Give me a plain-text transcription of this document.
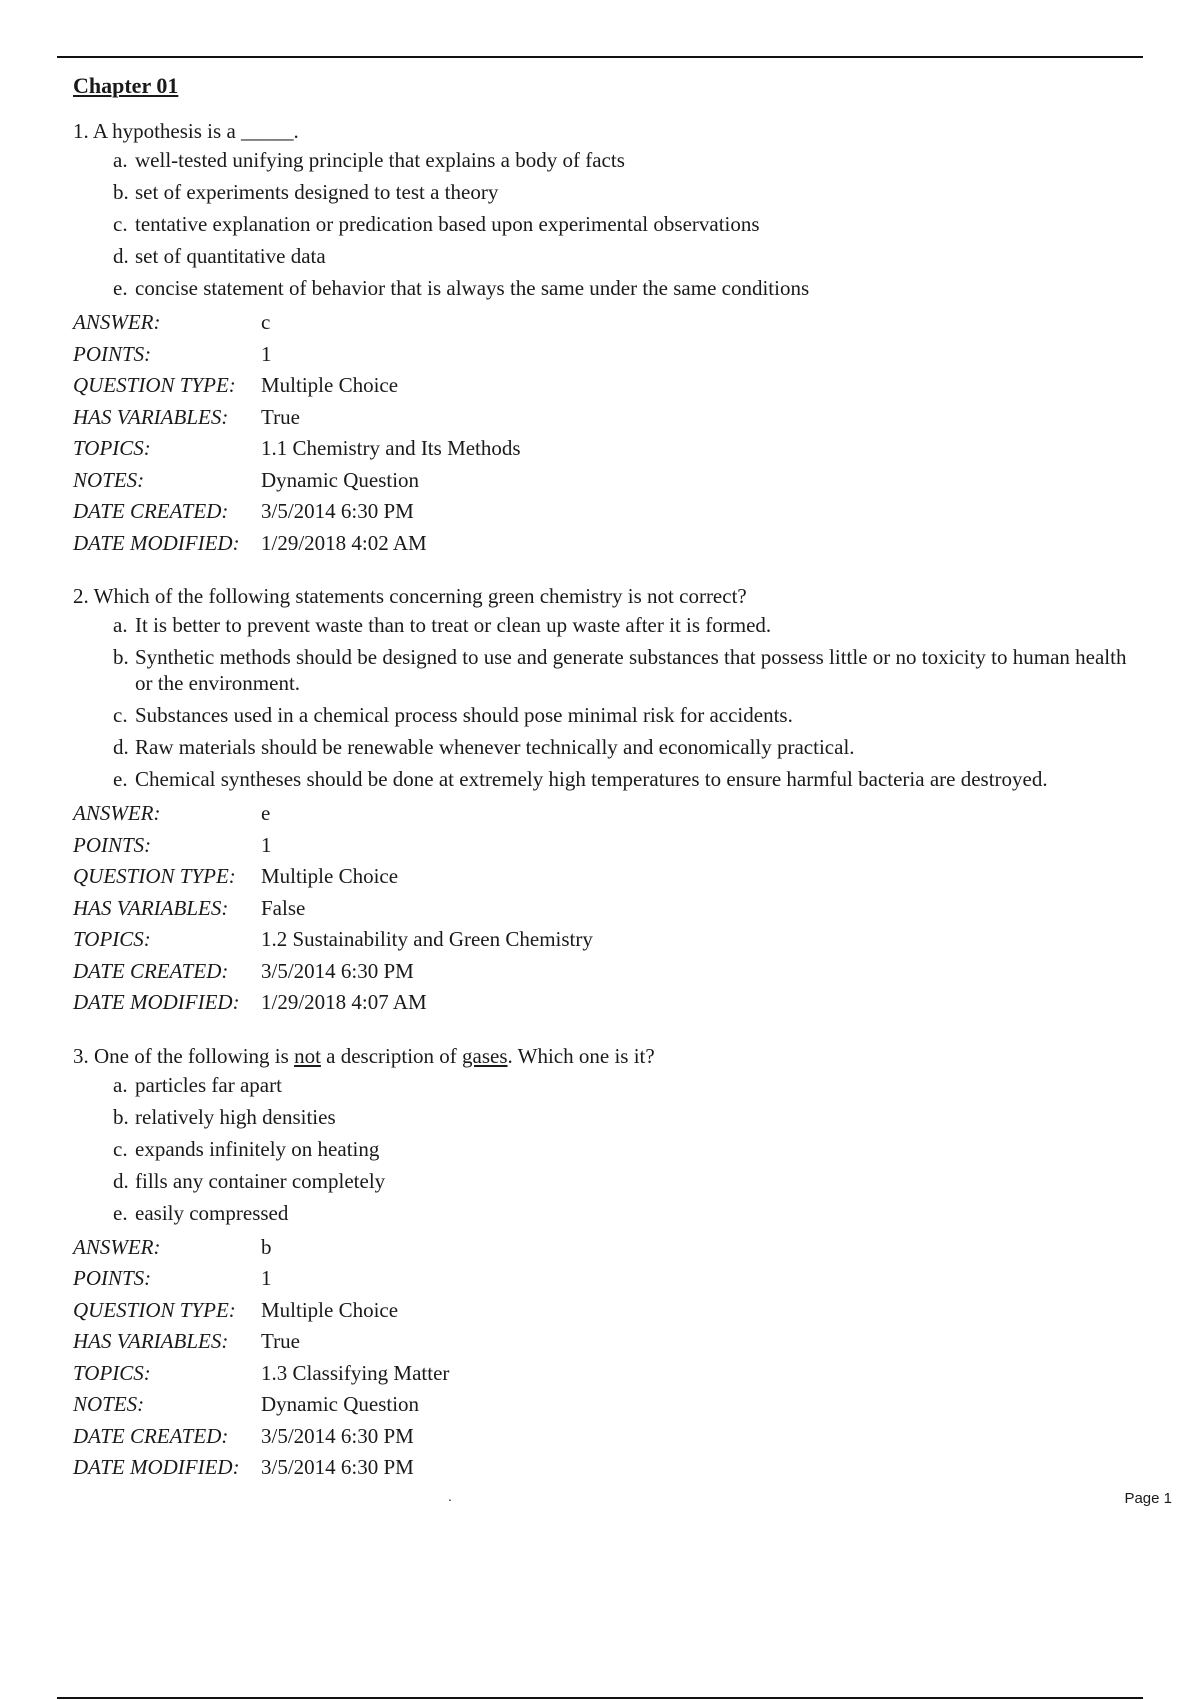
Chapter 01
1. A hypothesis is a _____.
a. well-tested unifying principle that explains a body of facts
b. set of experiments designed to test a theory
c. tentative explanation or predication based upon experimental observations
d. set of quantitative data
e. concise statement of behavior that is always the same under the same conditions
ANSWER:	c
POINTS:	1
QUESTION TYPE:	Multiple Choice
HAS VARIABLES:	True
TOPICS:	1.1 Chemistry and Its Methods
NOTES:	Dynamic Question
DATE CREATED:	3/5/2014 6:30 PM
DATE MODIFIED:	1/29/2018 4:02 AM
2. Which of the following statements concerning green chemistry is not correct?
a. It is better to prevent waste than to treat or clean up waste after it is formed.
b. Synthetic methods should be designed to use and generate substances that possess little or no toxicity to human health or the environment.
c. Substances used in a chemical process should pose minimal risk for accidents.
d. Raw materials should be renewable whenever technically and economically practical.
e. Chemical syntheses should be done at extremely high temperatures to ensure harmful bacteria are destroyed.
ANSWER:	e
POINTS:	1
QUESTION TYPE:	Multiple Choice
HAS VARIABLES:	False
TOPICS:	1.2 Sustainability and Green Chemistry
DATE CREATED:	3/5/2014 6:30 PM
DATE MODIFIED:	1/29/2018 4:07 AM
3. One of the following is not a description of gases. Which one is it?
a. particles far apart
b. relatively high densities
c. expands infinitely on heating
d. fills any container completely
e. easily compressed
ANSWER:	b
POINTS:	1
QUESTION TYPE:	Multiple Choice
HAS VARIABLES:	True
TOPICS:	1.3 Classifying Matter
NOTES:	Dynamic Question
DATE CREATED:	3/5/2014 6:30 PM
DATE MODIFIED:	3/5/2014 6:30 PM
.	Page 1
